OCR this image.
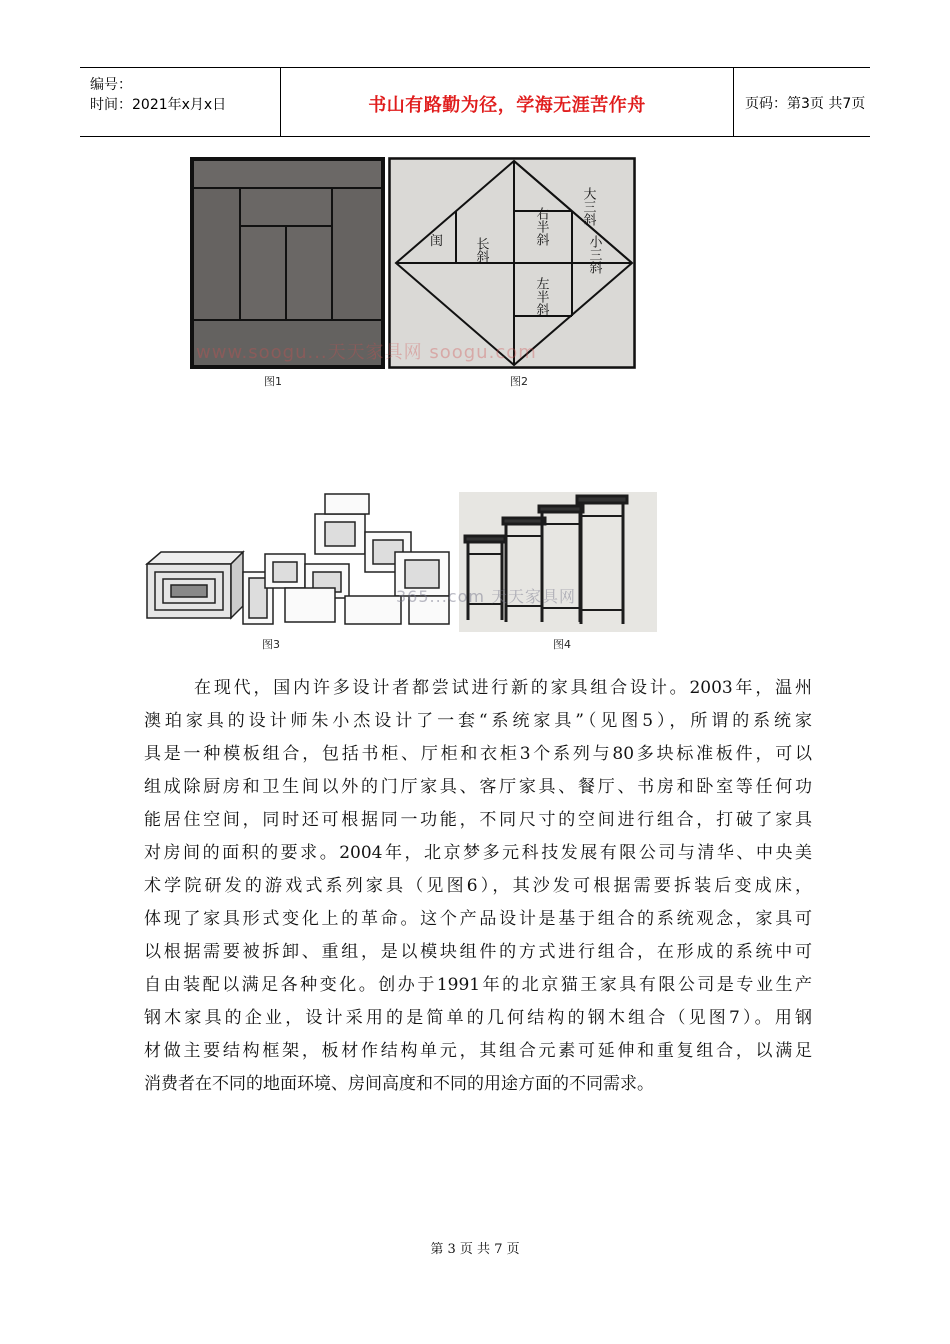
编号：
时间：2021年x月x日	书山有路勤为径，学海无涯苦作舟	页码：第3页 共7页
图1
大三斜
右半斜
长斜	小三斜
左半斜
闺
图2
www.soogu...天天家具网 soogu.com
图3	图4
365...com 天天家具网
在现代，国内许多设计者都尝试进行新的家具组合设计。2003年，温州
澳珀家具的设计师朱小杰设计了一套“系统家具”（见图5），所谓的系统家
具是一种模板组合，包括书柜、厅柜和衣柜3个系列与80多块标准板件，可以
组成除厨房和卫生间以外的门厅家具、客厅家具、餐厅、书房和卧室等任何功
能居住空间，同时还可根据同一功能，不同尺寸的空间进行组合，打破了家具
对房间的面积的要求。2004年，北京梦多元科技发展有限公司与清华、中央美
术学院研发的游戏式系列家具（见图6），其沙发可根据需要拆装后变成床，
体现了家具形式变化上的革命。这个产品设计是基于组合的系统观念，家具可
以根据需要被拆卸、重组，是以模块组件的方式进行组合，在形成的系统中可
自由装配以满足各种变化。创办于1991年的北京猫王家具有限公司是专业生产
钢木家具的企业，设计采用的是简单的几何结构的钢木组合（见图7）。用钢
材做主要结构框架，板材作结构单元，其组合元素可延伸和重复组合，以满足
消费者在不同的地面环境、房间高度和不同的用途方面的不同需求。
第 3 页 共 7 页
